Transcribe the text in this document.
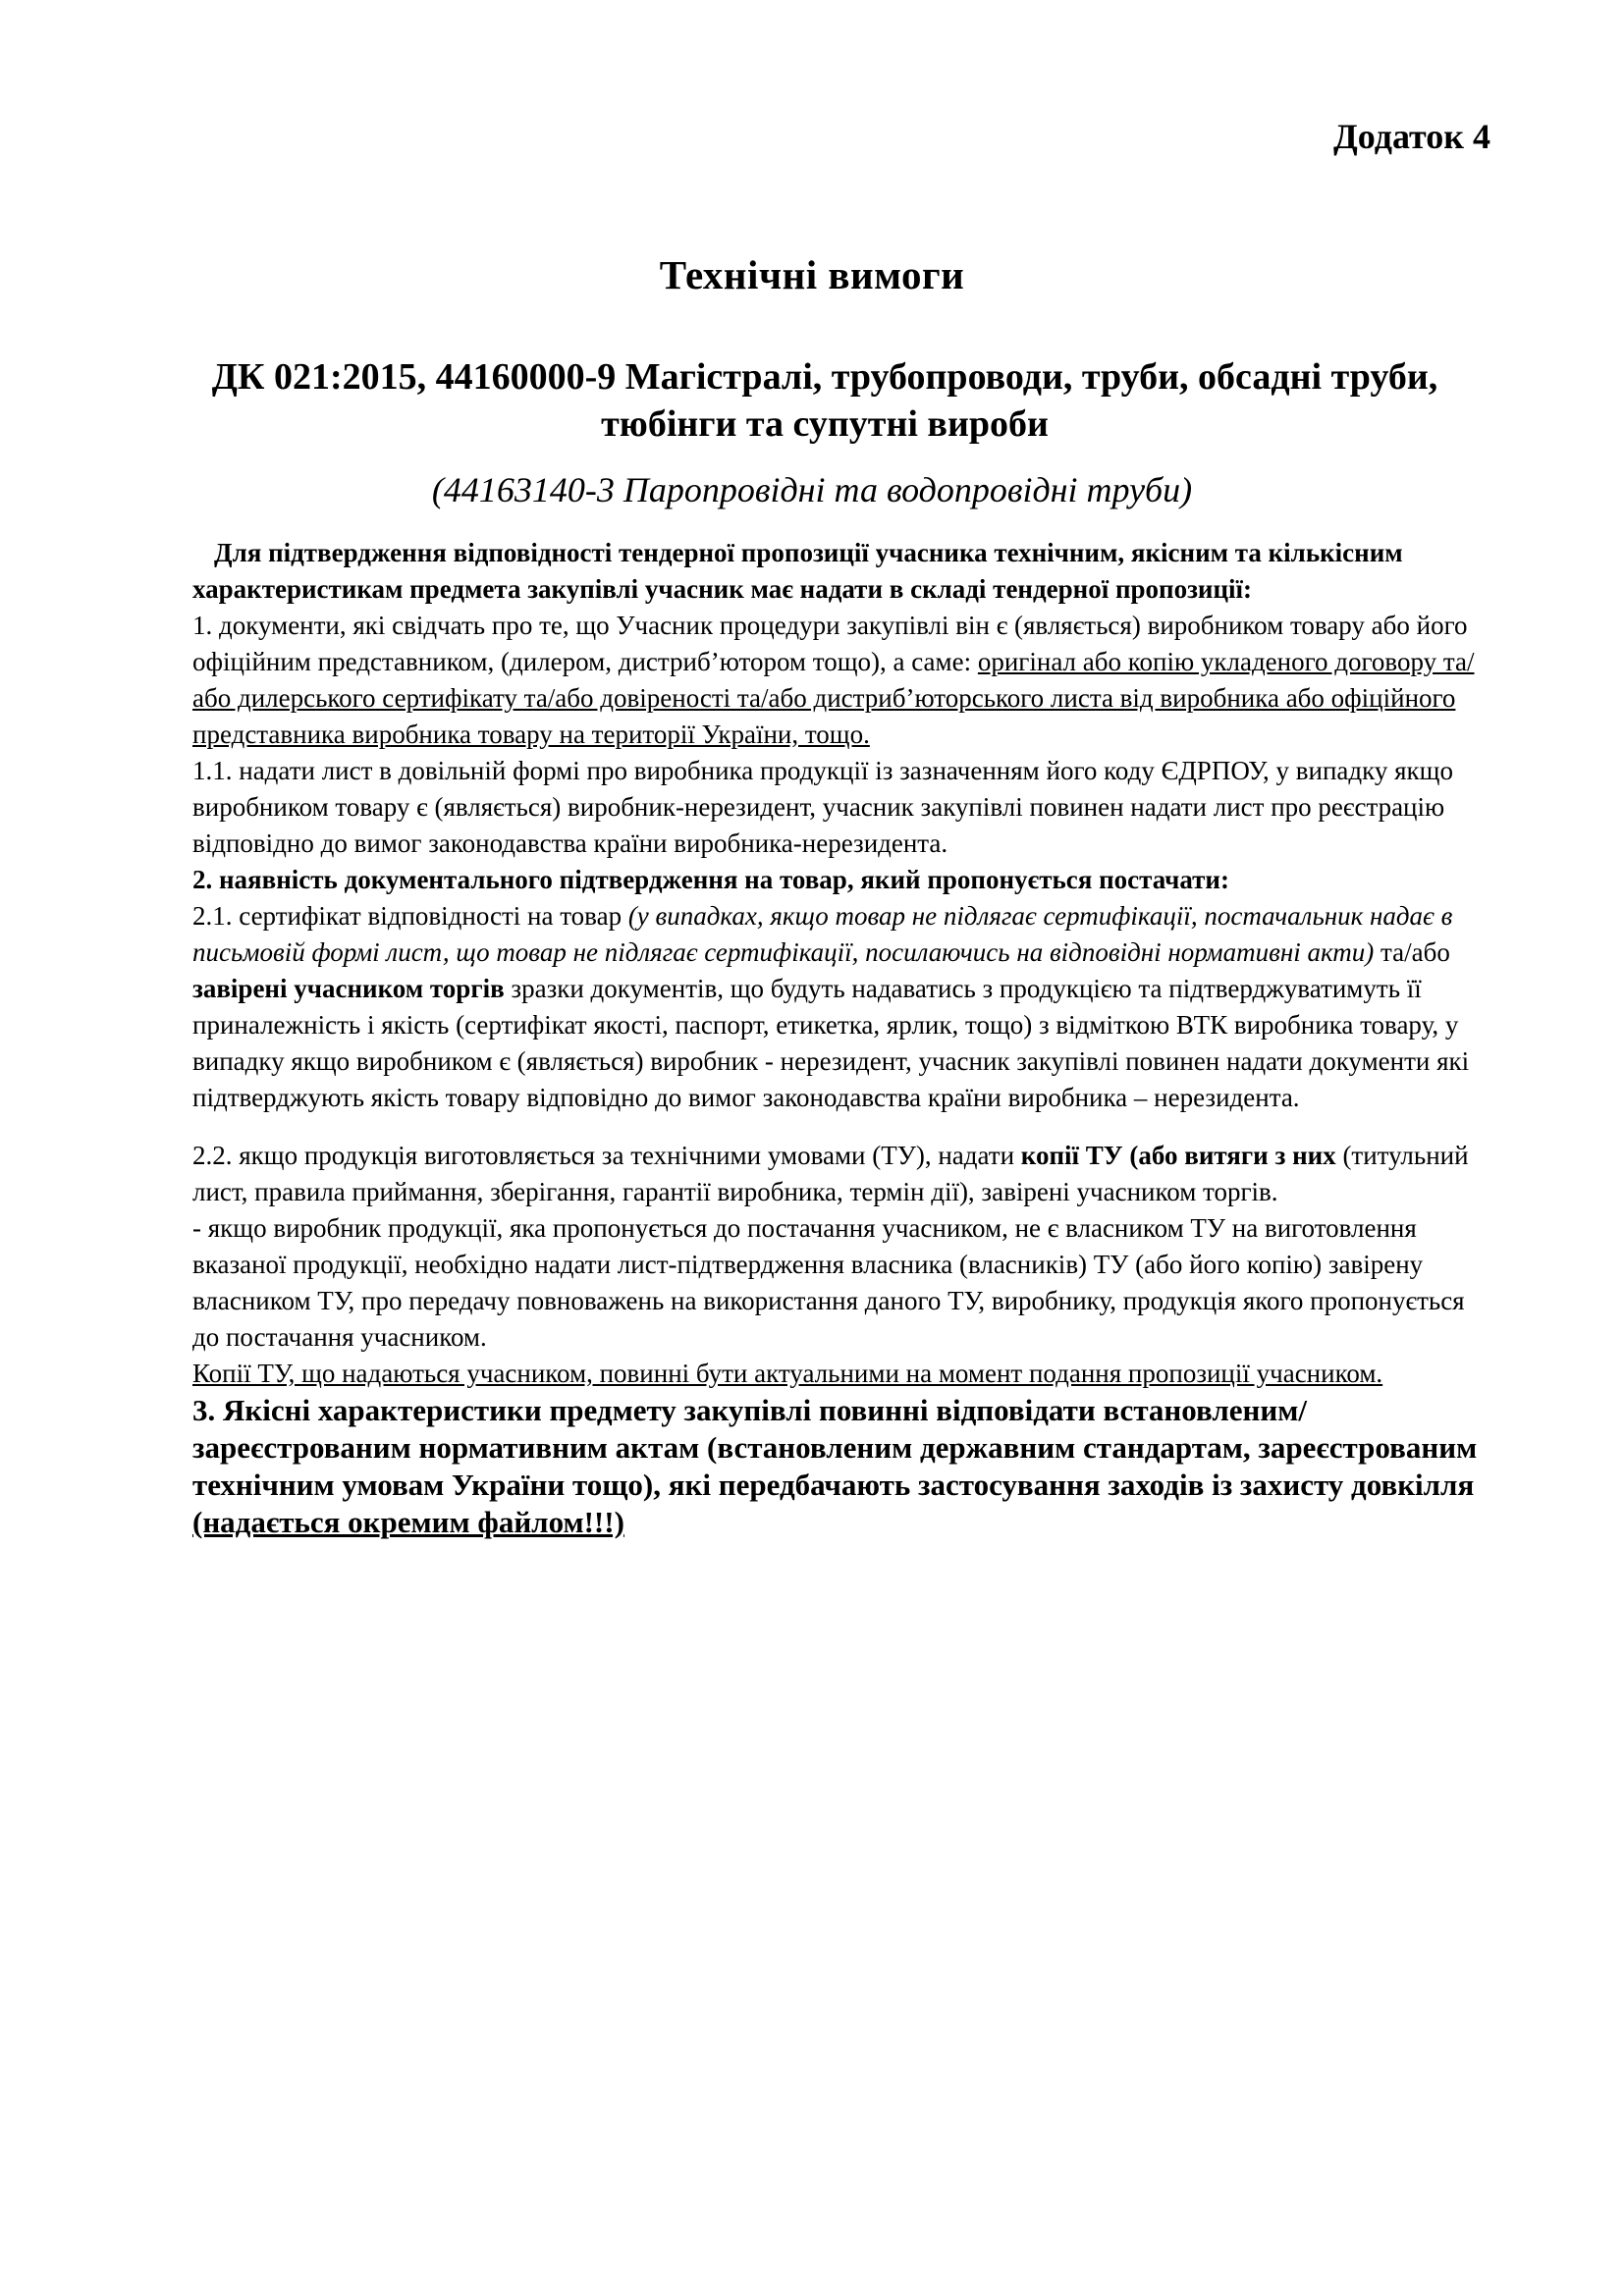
Додаток 4
Технічні вимоги
ДК 021:2015, 44160000-9 Магістралі, трубопроводи, труби, обсадні труби, тюбінги та супутні вироби
(44163140-3 Паропровідні та водопровідні труби)

Для підтвердження відповідності тендерної пропозиції учасника технічним, якісним та кількісним характеристикам предмета закупівлі учасник має надати в складі тендерної пропозиції:

1. документи, які свідчать про те, що Учасник процедури закупівлі він є (являється) виробником товару або його офіційним представником, (дилером, дистриб’ютором тощо), а саме: оригінал або копію укладеного договору та/або дилерського сертифікату та/або довіреності та/або дистриб’юторського листа від виробника або офіційного представника виробника товару на території України, тощо.

1.1. надати лист в довільній формі про виробника продукції із зазначенням його коду ЄДРПОУ, у випадку якщо виробником товару є (являється) виробник-нерезидент, учасник закупівлі повинен надати лист про реєстрацію відповідно до вимог законодавства країни виробника-нерезидента.

2. наявність документального підтвердження на товар, який пропонується постачати:

2.1. сертифікат відповідності на товар (у випадках, якщо товар не підлягає сертифікації, постачальник надає в письмовій формі лист, що товар не підлягає сертифікації, посилаючись на відповідні нормативні акти) та/або завірені учасником торгів зразки документів, що будуть надаватись з продукцією та підтверджуватимуть її приналежність і якість (сертифікат якості, паспорт, етикетка, ярлик, тощо) з відміткою ВТК виробника товару, у випадку якщо виробником є (являється) виробник - нерезидент, учасник закупівлі повинен надати документи які підтверджують якість товару відповідно до вимог законодавства країни виробника – нерезидента.

2.2. якщо продукція виготовляється за технічними умовами (ТУ), надати копії ТУ (або витяги з них (титульний лист, правила приймання, зберігання, гарантії виробника, термін дії), завірені учасником торгів.

- якщо виробник продукції, яка пропонується до постачання учасником, не є власником ТУ на виготовлення вказаної продукції, необхідно надати лист-підтвердження власника (власників) ТУ (або його копію) завірену власником ТУ, про передачу повноважень на використання даного ТУ, виробнику, продукція якого пропонується до постачання учасником.

Копії ТУ, що надаються учасником, повинні бути актуальними на момент подання пропозиції учасником.

3. Якісні характеристики предмету закупівлі повинні відповідати встановленим/зареєстрованим нормативним актам (встановленим державним стандартам, зареєстрованим технічним умовам України тощо), які передбачають застосування заходів із захисту довкілля (надається окремим файлом!!!)
